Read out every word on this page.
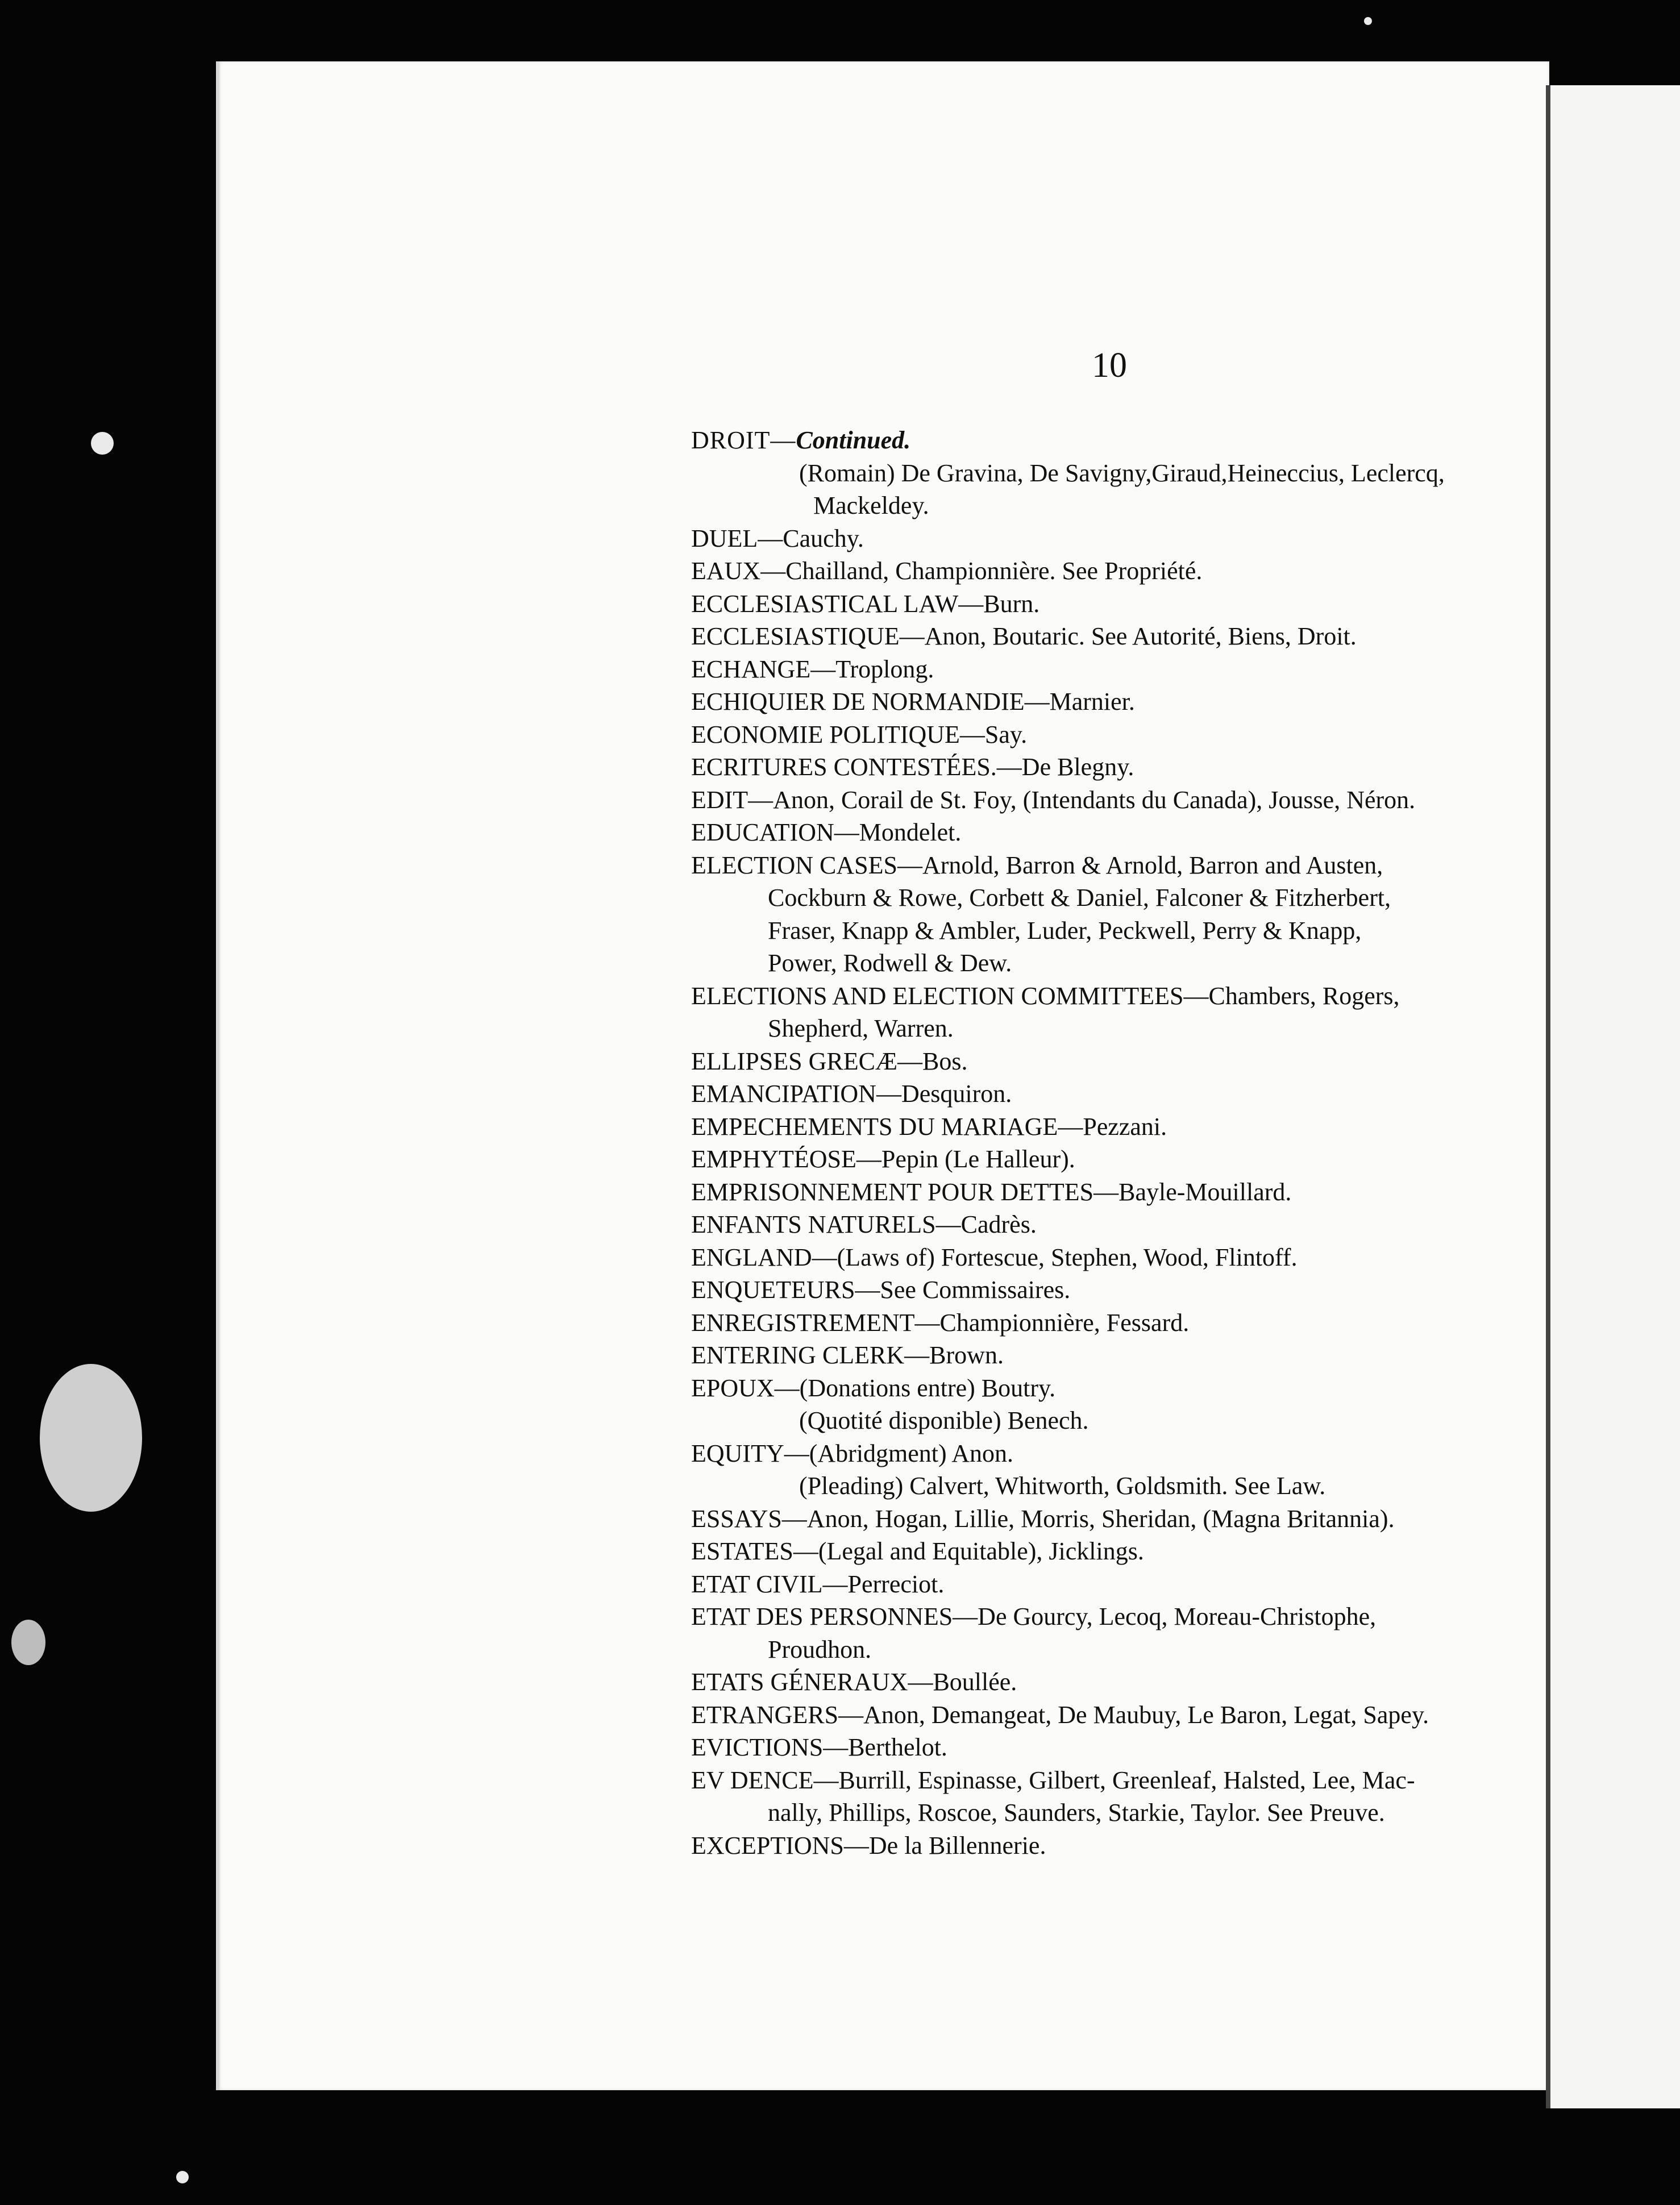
10
DROIT—Continued.
(Romain) De Gravina, De Savigny,Giraud,Heineccius, Leclercq,
Mackeldey.
DUEL—Cauchy.
EAUX—Chailland, Championnière. See Propriété.
ECCLESIASTICAL LAW—Burn.
ECCLESIASTIQUE—Anon, Boutaric. See Autorité, Biens, Droit.
ECHANGE—Troplong.
ECHIQUIER DE NORMANDIE—Marnier.
ECONOMIE POLITIQUE—Say.
ECRITURES CONTESTÉES.—De Blegny.
EDIT—Anon, Corail de St. Foy, (Intendants du Canada), Jousse, Néron.
EDUCATION—Mondelet.
ELECTION CASES—Arnold, Barron & Arnold, Barron and Austen,
Cockburn & Rowe, Corbett & Daniel, Falconer & Fitzherbert,
Fraser, Knapp & Ambler, Luder, Peckwell, Perry & Knapp,
Power, Rodwell & Dew.
ELECTIONS AND ELECTION COMMITTEES—Chambers, Rogers,
Shepherd, Warren.
ELLIPSES GRECÆ—Bos.
EMANCIPATION—Desquiron.
EMPECHEMENTS DU MARIAGE—Pezzani.
EMPHYTÉOSE—Pepin (Le Halleur).
EMPRISONNEMENT POUR DETTES—Bayle-Mouillard.
ENFANTS NATURELS—Cadrès.
ENGLAND—(Laws of) Fortescue, Stephen, Wood, Flintoff.
ENQUETEURS—See Commissaires.
ENREGISTREMENT—Championnière, Fessard.
ENTERING CLERK—Brown.
EPOUX—(Donations entre) Boutry.
(Quotité disponible) Benech.
EQUITY—(Abridgment) Anon.
(Pleading) Calvert, Whitworth, Goldsmith. See Law.
ESSAYS—Anon, Hogan, Lillie, Morris, Sheridan, (Magna Britannia).
ESTATES—(Legal and Equitable), Jicklings.
ETAT CIVIL—Perreciot.
ETAT DES PERSONNES—De Gourcy, Lecoq, Moreau-Christophe,
Proudhon.
ETATS GÉNERAUX—Boullée.
ETRANGERS—Anon, Demangeat, De Maubuy, Le Baron, Legat, Sapey.
EVICTIONS—Berthelot.
EV DENCE—Burrill, Espinasse, Gilbert, Greenleaf, Halsted, Lee, Mac-
nally, Phillips, Roscoe, Saunders, Starkie, Taylor. See Preuve.
EXCEPTIONS—De la Billennerie.
